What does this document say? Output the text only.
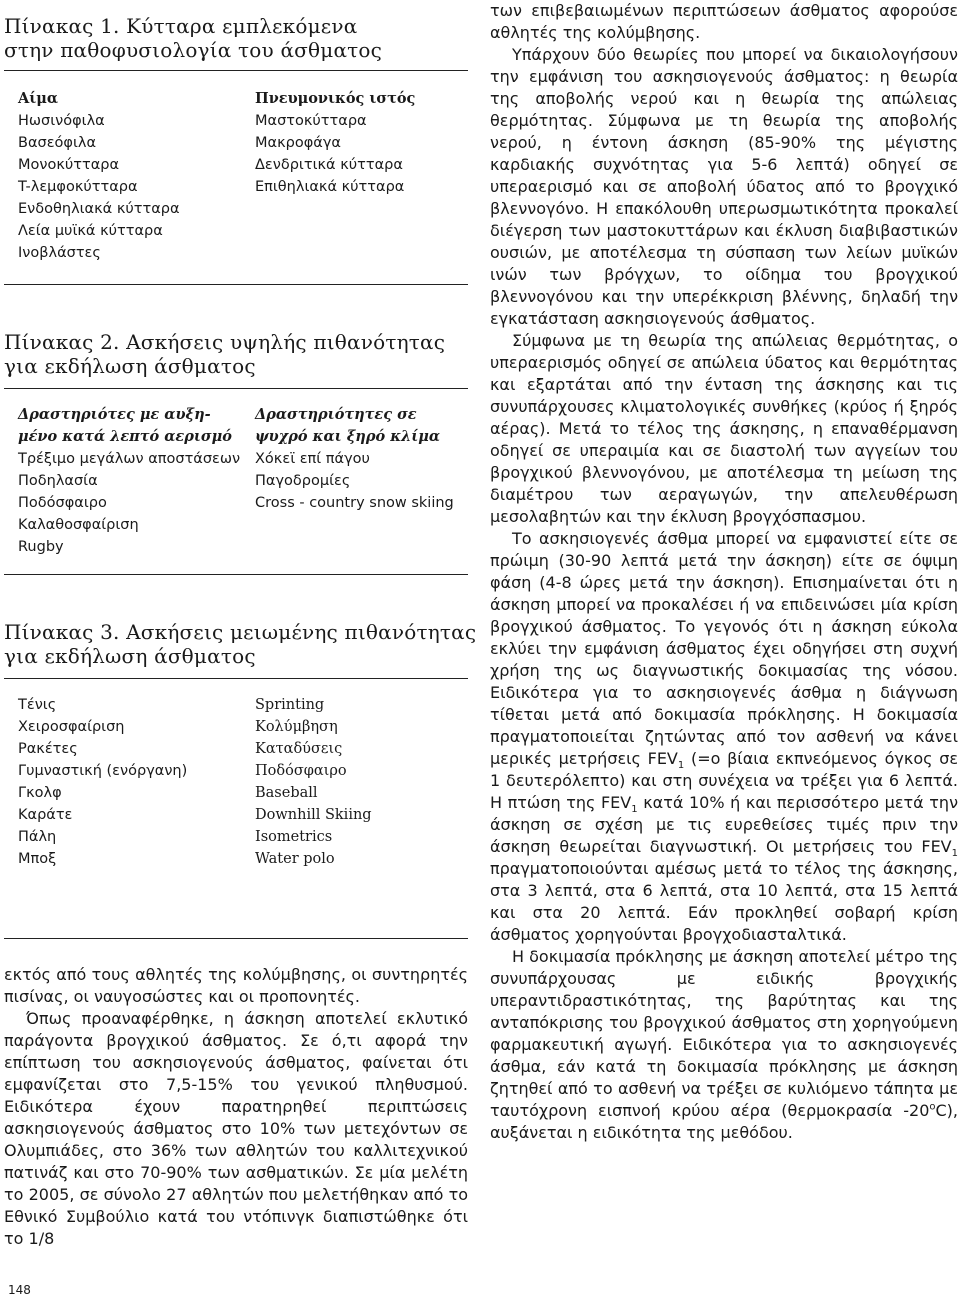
Πίνακας 1. Κύτταρα εμπλεκόμενα
στην παθοφυσιολογία του άσθματος
Αίμα
Ηωσινόφιλα
Βασεόφιλα
Μονοκύτταρα
T-λεμφοκύτταρα
Ενδοθηλιακά κύτταρα
Λεία μυϊκά κύτταρα
Ινοβλάστες
Πνευμονικός ιστός
Μαστοκύτταρα
Μακροφάγα
Δενδριτικά κύτταρα
Επιθηλιακά κύτταρα
Πίνακας 2. Ασκήσεις υψηλής πιθανότητας
για εκδήλωση άσθματος
Δραστηριότες με αυξη-
μένο κατά λεπτό αερισμό
Τρέξιμο μεγάλων αποστάσεων
Ποδηλασία
Ποδόσφαιρο
Καλαθοσφαίριση
Rugby
Δραστηριότητες σε
ψυχρό και ξηρό κλίμα
Χόκεϊ επί πάγου
Παγοδρομίες
Cross - country snow skiing
Πίνακας 3. Ασκήσεις μειωμένης πιθανότητας
για εκδήλωση άσθματος
Τένις
Χειροσφαίριση
Ρακέτες
Γυμναστική (ενόργανη)
Γκολφ
Καράτε
Πάλη
Μποξ
Sprinting
Κολύμβηση
Καταδύσεις
Ποδόσφαιρο
Baseball
Downhill Skiing
Isometrics
Water polo

εκτός από τους αθλητές της κολύμβησης, οι συντηρητές πισίνας, οι ναυγοσώστες και οι προπονητές.

Όπως προαναφέρθηκε, η άσκηση αποτελεί εκλυτικό παράγοντα βρογχικού άσθματος. Σε ό,τι αφορά την επίπτωση του ασκησιογενούς άσθματος, φαίνεται ότι εμφανίζεται στο 7,5-15% του γενικού πληθυσμού. Ειδικότερα έχουν παρατηρηθεί περιπτώσεις ασκησιογενούς άσθματος στο 10% των μετεχόντων σε Ολυμπιάδες, στο 36% των αθλητών του καλλιτεχνικού πατινάζ και στο 70-90% των ασθματικών. Σε μία μελέτη το 2005, σε σύνολο 27 αθλητών που μελετήθηκαν από το Εθνικό Συμβούλιο κατά του ντόπινγκ διαπιστώθηκε ότι το 1/8

των επιβεβαιωμένων περιπτώσεων άσθματος αφορούσε αθλητές της κολύμβησης.

Υπάρχουν δύο θεωρίες που μπορεί να δικαιολογήσουν την εμφάνιση του ασκησιογενούς άσθματος: η θεωρία της αποβολής νερού και η θεωρία της απώλειας θερμότητας. Σύμφωνα με τη θεωρία της αποβολής νερού, η έντονη άσκηση (85-90% της μέγιστης καρδιακής συχνότητας για 5-6 λεπτά) οδηγεί σε υπεραερισμό και σε αποβολή ύδατος από το βρογχικό βλεννογόνο. Η επακόλουθη υπερωσμωτικότητα προκαλεί διέγερση των μαστοκυττάρων και έκλυση διαβιβαστικών ουσιών, με αποτέλεσμα τη σύσπαση των λείων μυϊκών ινών των βρόγχων, το οίδημα του βρογχικού βλεννογόνου και την υπερέκκριση βλέννης, δηλαδή την εγκατάσταση ασκησιογενούς άσθματος.

Σύμφωνα με τη θεωρία της απώλειας θερμότητας, ο υπεραερισμός οδηγεί σε απώλεια ύδατος και θερμότητας και εξαρτάται από την ένταση της άσκησης και τις συνυπάρχουσες κλιματολογικές συνθήκες (κρύος ή ξηρός αέρας). Μετά το τέλος της άσκησης, η επαναθέρμανση οδηγεί σε υπεραιμία και σε διαστολή των αγγείων του βρογχικού βλεννογόνου, με αποτέλεσμα τη μείωση της διαμέτρου των αεραγωγών, την απελευθέρωση μεσολαβητών και την έκλυση βρογχόσπασμου.

Το ασκησιογενές άσθμα μπορεί να εμφανιστεί είτε σε πρώιμη (30-90 λεπτά μετά την άσκηση) είτε σε όψιμη φάση (4-8 ώρες μετά την άσκηση). Επισημαίνεται ότι η άσκηση μπορεί να προκαλέσει ή να επιδεινώσει μία κρίση βρογχικού άσθματος. Το γεγονός ότι η άσκηση εύκολα εκλύει την εμφάνιση άσθματος έχει οδηγήσει στη συχνή χρήση της ως διαγνωστικής δοκιμασίας της νόσου. Ειδικότερα για το ασκησιογενές άσθμα η διάγνωση τίθεται μετά από δοκιμασία πρόκλησης. Η δοκιμασία πραγματοποιείται ζητώντας από τον ασθενή να κάνει μερικές μετρήσεις $FEV_1$ (=ο βίαια εκπνεόμενος όγκος σε 1 δευτερόλεπτο) και στη συνέχεια να τρέξει για 6 λεπτά. Η πτώση της $FEV_1$ κατά 10% ή και περισσότερο μετά την άσκηση σε σχέση με τις ευρεθείσες τιμές πριν την άσκηση θεωρείται διαγνωστική. Οι μετρήσεις του $FEV_1$ πραγματοποιούνται αμέσως μετά το τέλος της άσκησης, στα 3 λεπτά, στα 6 λεπτά, στα 10 λεπτά, στα 15 λεπτά και στα 20 λεπτά. Εάν προκληθεί σοβαρή κρίση άσθματος χορηγούνται βρογχοδιασταλτικά.

Η δοκιμασία πρόκλησης με άσκηση αποτελεί μέτρο της συνυπάρχουσας με ειδικής βρογχικής υπεραντιδραστικότητας, της βαρύτητας και της ανταπόκρισης του βρογχικού άσθματος στη χορηγούμενη φαρμακευτική αγωγή. Ειδικότερα για το ασκησιογενές άσθμα, εάν κατά τη δοκιμασία πρόκλησης με άσκηση ζητηθεί από το ασθενή να τρέξει σε κυλιόμενο τάπητα με ταυτόχρονη εισπνοή κρύου αέρα (θερμοκρασία $-20^oC$), αυξάνεται η ειδικότητα της μεθόδου.

148
